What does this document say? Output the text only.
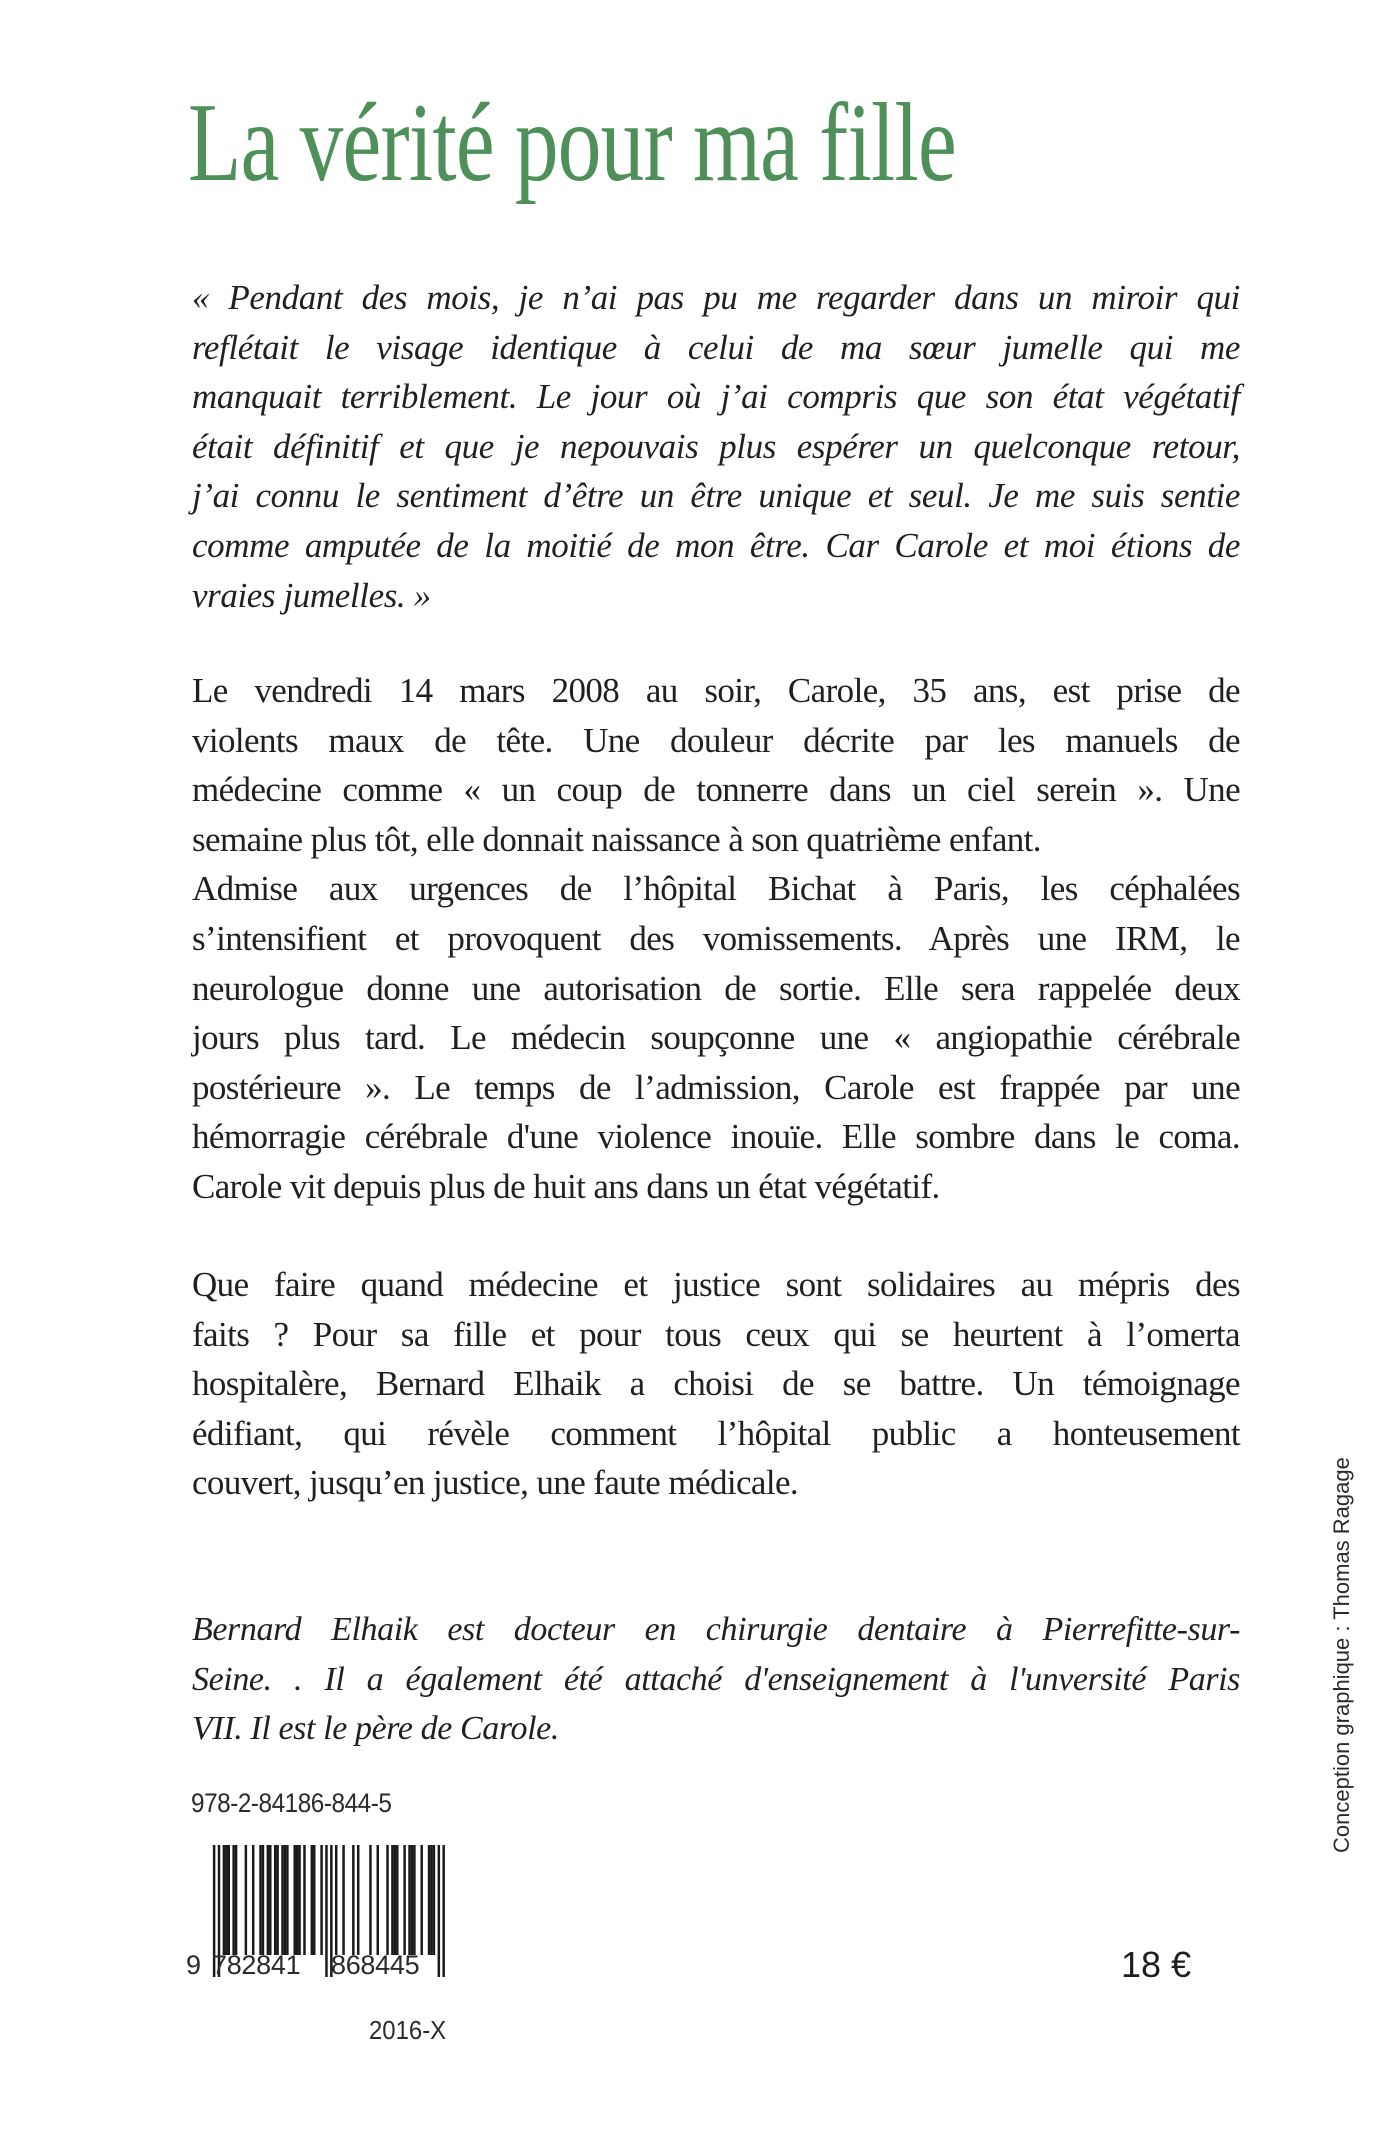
La vérité pour ma fille
« Pendant des mois, je n’ai pas pu me regarder dans un miroir qui
reflétait le visage identique à celui de ma sœur jumelle qui me
manquait terriblement. Le jour où j’ai compris que son état végétatif
était définitif et que je nepouvais plus espérer un quelconque retour,
j’ai connu le sentiment d’être un être unique et seul. Je me suis sentie
comme amputée de la moitié de mon être. Car Carole et moi étions de
vraies jumelles. »
Le vendredi 14 mars 2008 au soir, Carole, 35 ans, est prise de
violents maux de tête. Une douleur décrite par les manuels de
médecine comme « un coup de tonnerre dans un ciel serein ». Une
semaine plus tôt, elle donnait naissance à son quatrième enfant.
Admise aux urgences de l’hôpital Bichat à Paris, les céphalées
s’intensifient et provoquent des vomissements. Après une IRM, le
neurologue donne une autorisation de sortie. Elle sera rappelée deux
jours plus tard. Le médecin soupçonne une « angiopathie cérébrale
postérieure ». Le temps de l’admission, Carole est frappée par une
hémorragie cérébrale d'une violence inouïe. Elle sombre dans le coma.
Carole vit depuis plus de huit ans dans un état végétatif.
Que faire quand médecine et justice sont solidaires au mépris des
faits ? Pour sa fille et pour tous ceux qui se heurtent à l’omerta
hospitalère, Bernard Elhaik a choisi de se battre. Un témoignage
édifiant, qui révèle comment l’hôpital public a honteusement
couvert, jusqu’en justice, une faute médicale.
Bernard Elhaik est docteur en chirurgie dentaire à Pierrefitte-sur-
Seine. . Il a également été attaché d'enseignement à l'unversité Paris
VII. Il est le père de Carole.
978-2-84186-844-5
9 782841 868445
2016-X
18 €
Conception graphique : Thomas Ragage
